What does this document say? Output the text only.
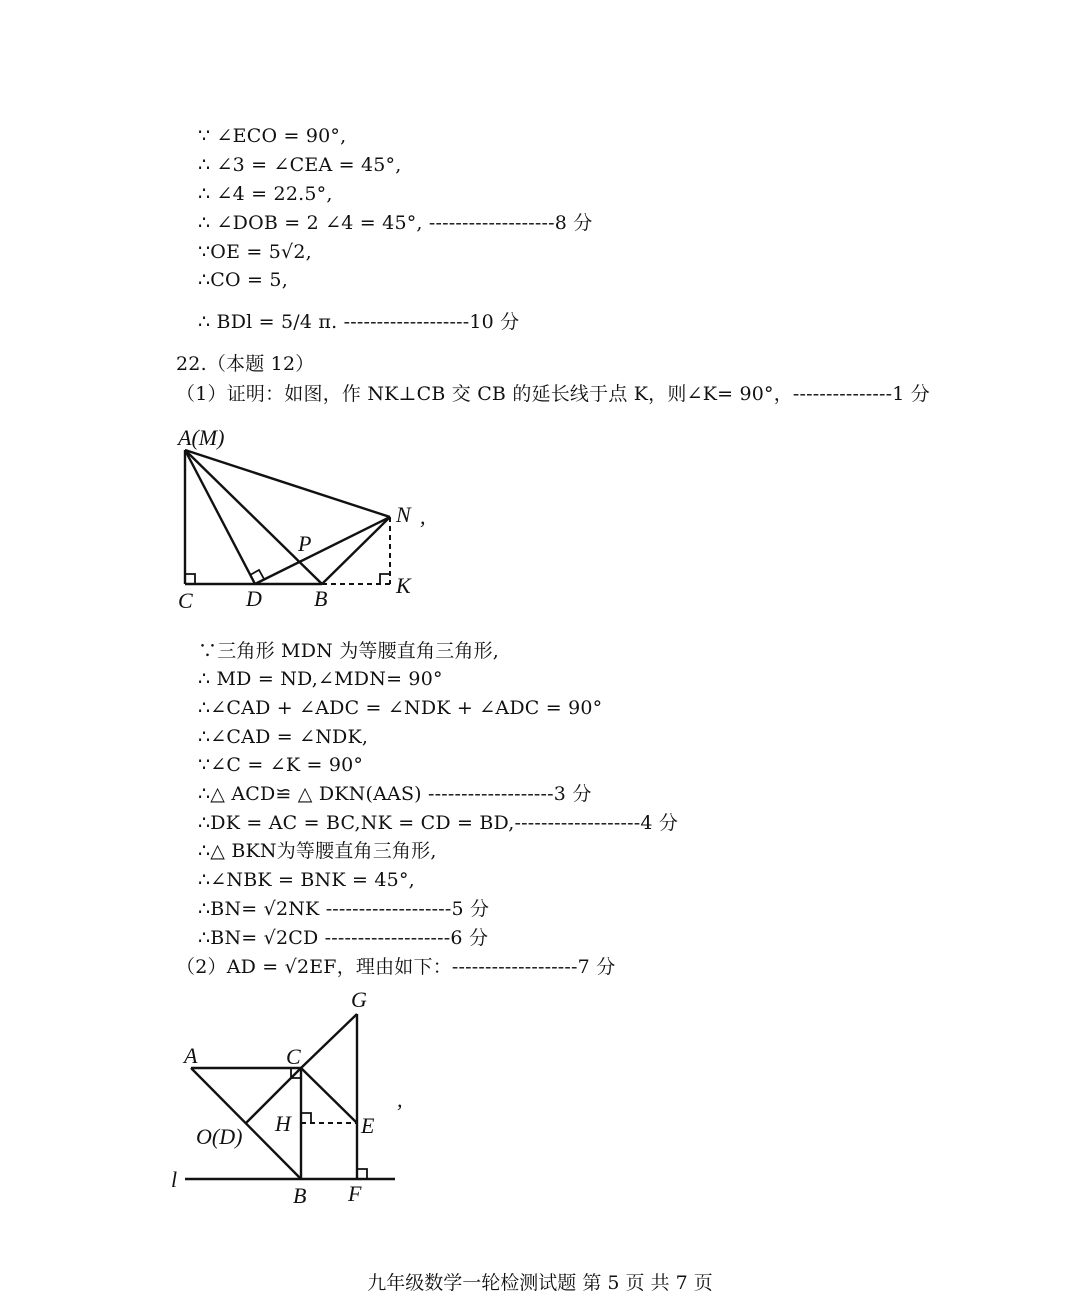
∵ ∠ECO = 90°,
∴ ∠3 = ∠CEA = 45°,
∴ ∠4 = 22.5°,
∴ ∠DOB = 2 ∠4 = 45°, -------------------8 分
∵OE = 5√2,
∴CO = 5,
∴ BDl = 5/4 π. -------------------10 分
22.（本题 12）
（1）证明：如图，作 NK⊥CB 交 CB 的延长线于点 K，则∠K= 90°，---------------1 分
A(M)
N ,
P
C D B
K
∵三角形 MDN 为等腰直角三角形,
∴ MD = ND,∠MDN= 90°
∴∠CAD + ∠ADC = ∠NDK + ∠ADC = 90°
∴∠CAD = ∠NDK,
∵∠C = ∠K = 90°
∴△ ACD≌ △ DKN(AAS) -------------------3 分
∴DK = AC = BC,NK = CD = BD,-------------------4 分
∴△ BKN为等腰直角三角形,
∴∠NBK = BNK = 45°,
∴BN= √2NK -------------------5 分
∴BN= √2CD -------------------6 分
（2）AD = √2EF，理由如下：-------------------7 分
G
A	C
H	E
O(D)
l
B F
,
九年级数学一轮检测试题 第 5 页 共 7 页
